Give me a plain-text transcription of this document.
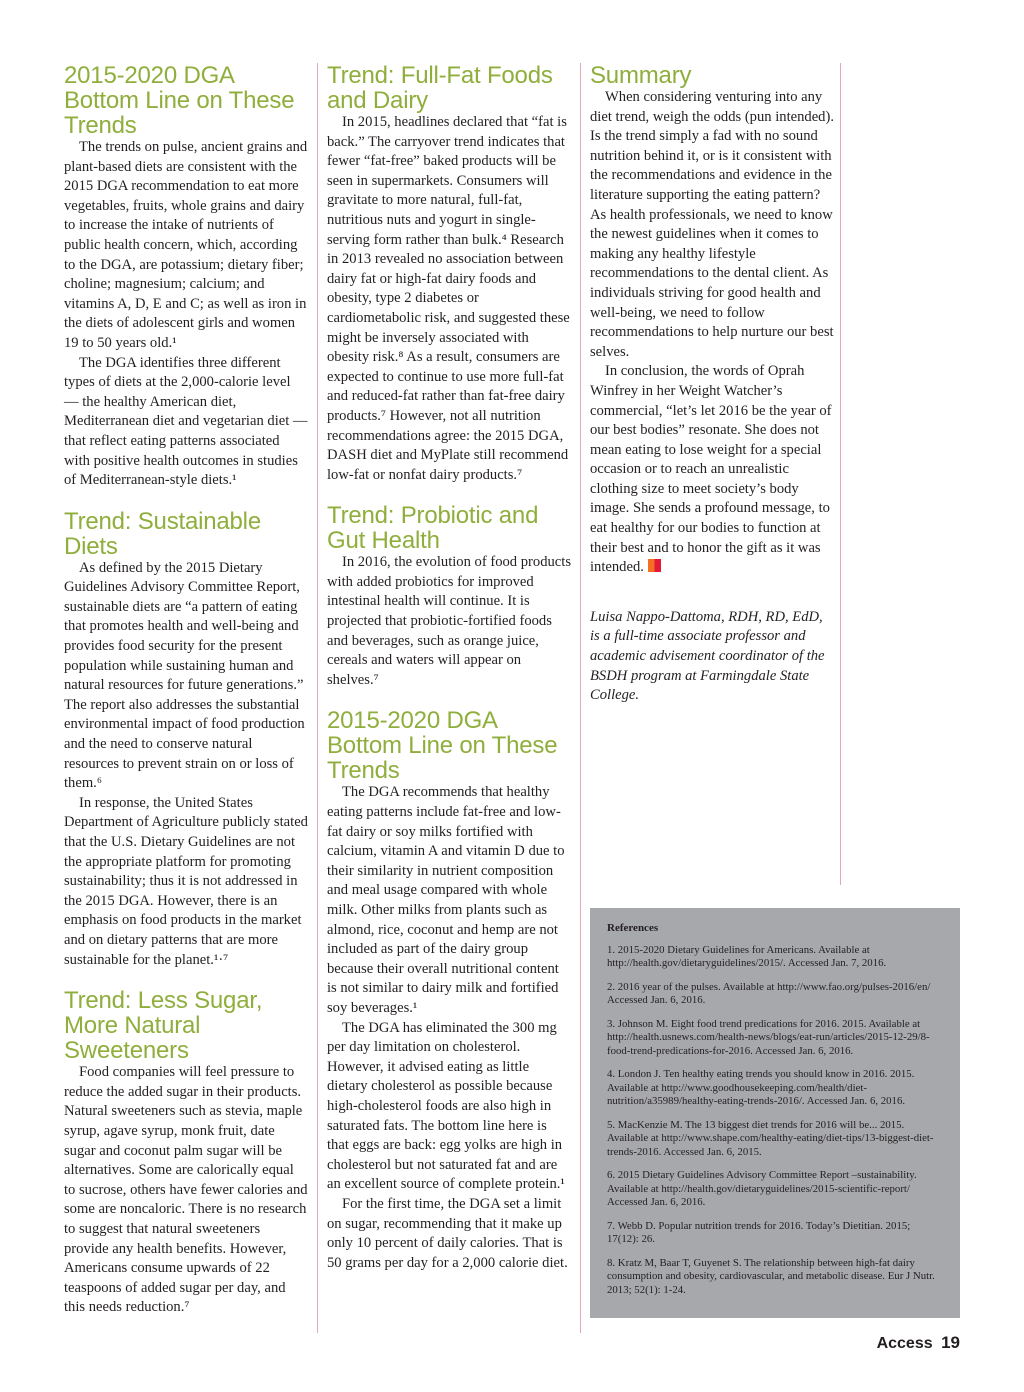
2015-2020 DGA Bottom Line on These Trends

The trends on pulse, ancient grains and plant-based diets are consistent with the 2015 DGA recommendation to eat more vegetables, fruits, whole grains and dairy to increase the intake of nutrients of public health concern, which, according to the DGA, are potassium; dietary fiber; choline; magnesium; calcium; and vitamins A, D, E and C; as well as iron in the diets of adolescent girls and women 19 to 50 years old.¹

The DGA identifies three different types of diets at the 2,000-calorie level — the healthy American diet, Mediterranean diet and vegetarian diet — that reflect eating patterns associated with positive health outcomes in studies of Mediterranean-style diets.¹

Trend: Sustainable Diets

As defined by the 2015 Dietary Guidelines Advisory Committee Report, sustainable diets are “a pattern of eating that promotes health and well-being and provides food security for the present population while sustaining human and natural resources for future generations.” The report also addresses the substantial environmental impact of food production and the need to conserve natural resources to prevent strain on or loss of them.⁶

In response, the United States Department of Agriculture publicly stated that the U.S. Dietary Guidelines are not the appropriate platform for promoting sustainability; thus it is not addressed in the 2015 DGA. However, there is an emphasis on food products in the market and on dietary patterns that are more sustainable for the planet.¹·⁷

Trend: Less Sugar, More Natural Sweeteners

Food companies will feel pressure to reduce the added sugar in their products. Natural sweeteners such as stevia, maple syrup, agave syrup, monk fruit, date sugar and coconut palm sugar will be alternatives. Some are calorically equal to sucrose, others have fewer calories and some are noncaloric. There is no research to suggest that natural sweeteners provide any health benefits. However, Americans consume upwards of 22 teaspoons of added sugar per day, and this needs reduction.⁷

Trend: Full-Fat Foods and Dairy

In 2015, headlines declared that “fat is back.” The carryover trend indicates that fewer “fat-free” baked products will be seen in supermarkets. Consumers will gravitate to more natural, full-fat, nutritious nuts and yogurt in single-serving form rather than bulk.⁴ Research in 2013 revealed no association between dairy fat or high-fat dairy foods and obesity, type 2 diabetes or cardiometabolic risk, and suggested these might be inversely associated with obesity risk.⁸ As a result, consumers are expected to continue to use more full-fat and reduced-fat rather than fat-free dairy products.⁷ However, not all nutrition recommendations agree: the 2015 DGA, DASH diet and MyPlate still recommend low-fat or nonfat dairy products.⁷

Trend: Probiotic and Gut Health

In 2016, the evolution of food products with added probiotics for improved intestinal health will continue. It is projected that probiotic-fortified foods and beverages, such as orange juice, cereals and waters will appear on shelves.⁷

2015-2020 DGA Bottom Line on These Trends

The DGA recommends that healthy eating patterns include fat-free and low-fat dairy or soy milks fortified with calcium, vitamin A and vitamin D due to their similarity in nutrient composition and meal usage compared with whole milk. Other milks from plants such as almond, rice, coconut and hemp are not included as part of the dairy group because their overall nutritional content is not similar to dairy milk and fortified soy beverages.¹

The DGA has eliminated the 300 mg per day limitation on cholesterol. However, it advised eating as little dietary cholesterol as possible because high-cholesterol foods are also high in saturated fats. The bottom line here is that eggs are back: egg yolks are high in cholesterol but not saturated fat and are an excellent source of complete protein.¹

For the first time, the DGA set a limit on sugar, recommending that it make up only 10 percent of daily calories. That is 50 grams per day for a 2,000 calorie diet.

Summary

When considering venturing into any diet trend, weigh the odds (pun intended). Is the trend simply a fad with no sound nutrition behind it, or is it consistent with the recommendations and evidence in the literature supporting the eating pattern? As health professionals, we need to know the newest guidelines when it comes to making any healthy lifestyle recommendations to the dental client. As individuals striving for good health and well-being, we need to follow recommendations to help nurture our best selves.

In conclusion, the words of Oprah Winfrey in her Weight Watcher’s commercial, “let’s let 2016 be the year of our best bodies” resonate. She does not mean eating to lose weight for a special occasion or to reach an unrealistic clothing size to meet society’s body image. She sends a profound message, to eat healthy for our bodies to function at their best and to honor the gift as it was intended.

Luisa Nappo-Dattoma, RDH, RD, EdD, is a full-time associate professor and academic advisement coordinator of the BSDH program at Farmingdale State College.
References
1. 2015-2020 Dietary Guidelines for Americans. Available at http://health.gov/dietaryguidelines/2015/. Accessed Jan. 7, 2016.
2. 2016 year of the pulses. Available at http://www.fao.org/pulses-2016/en/ Accessed Jan. 6, 2016.
3. Johnson M. Eight food trend predications for 2016. 2015. Available at http://health.usnews.com/health-news/blogs/eat-run/articles/2015-12-29/8-food-trend-predications-for-2016. Accessed Jan. 6, 2016.
4. London J. Ten healthy eating trends you should know in 2016. 2015. Available at http://www.goodhousekeeping.com/health/diet-nutrition/a35989/healthy-eating-trends-2016/. Accessed Jan. 6, 2016.
5. MacKenzie M. The 13 biggest diet trends for 2016 will be... 2015. Available at http://www.shape.com/healthy-eating/diet-tips/13-biggest-diet-trends-2016. Accessed Jan. 6, 2015.
6. 2015 Dietary Guidelines Advisory Committee Report –sustainability. Available at http://health.gov/dietaryguidelines/2015-scientific-report/ Accessed Jan. 6, 2016.
7. Webb D. Popular nutrition trends for 2016. Today’s Dietitian. 2015; 17(12): 26.
8. Kratz M, Baar T, Guyenet S. The relationship between high-fat dairy consumption and obesity, cardiovascular, and metabolic disease. Eur J Nutr. 2013; 52(1): 1-24.
Access 19
